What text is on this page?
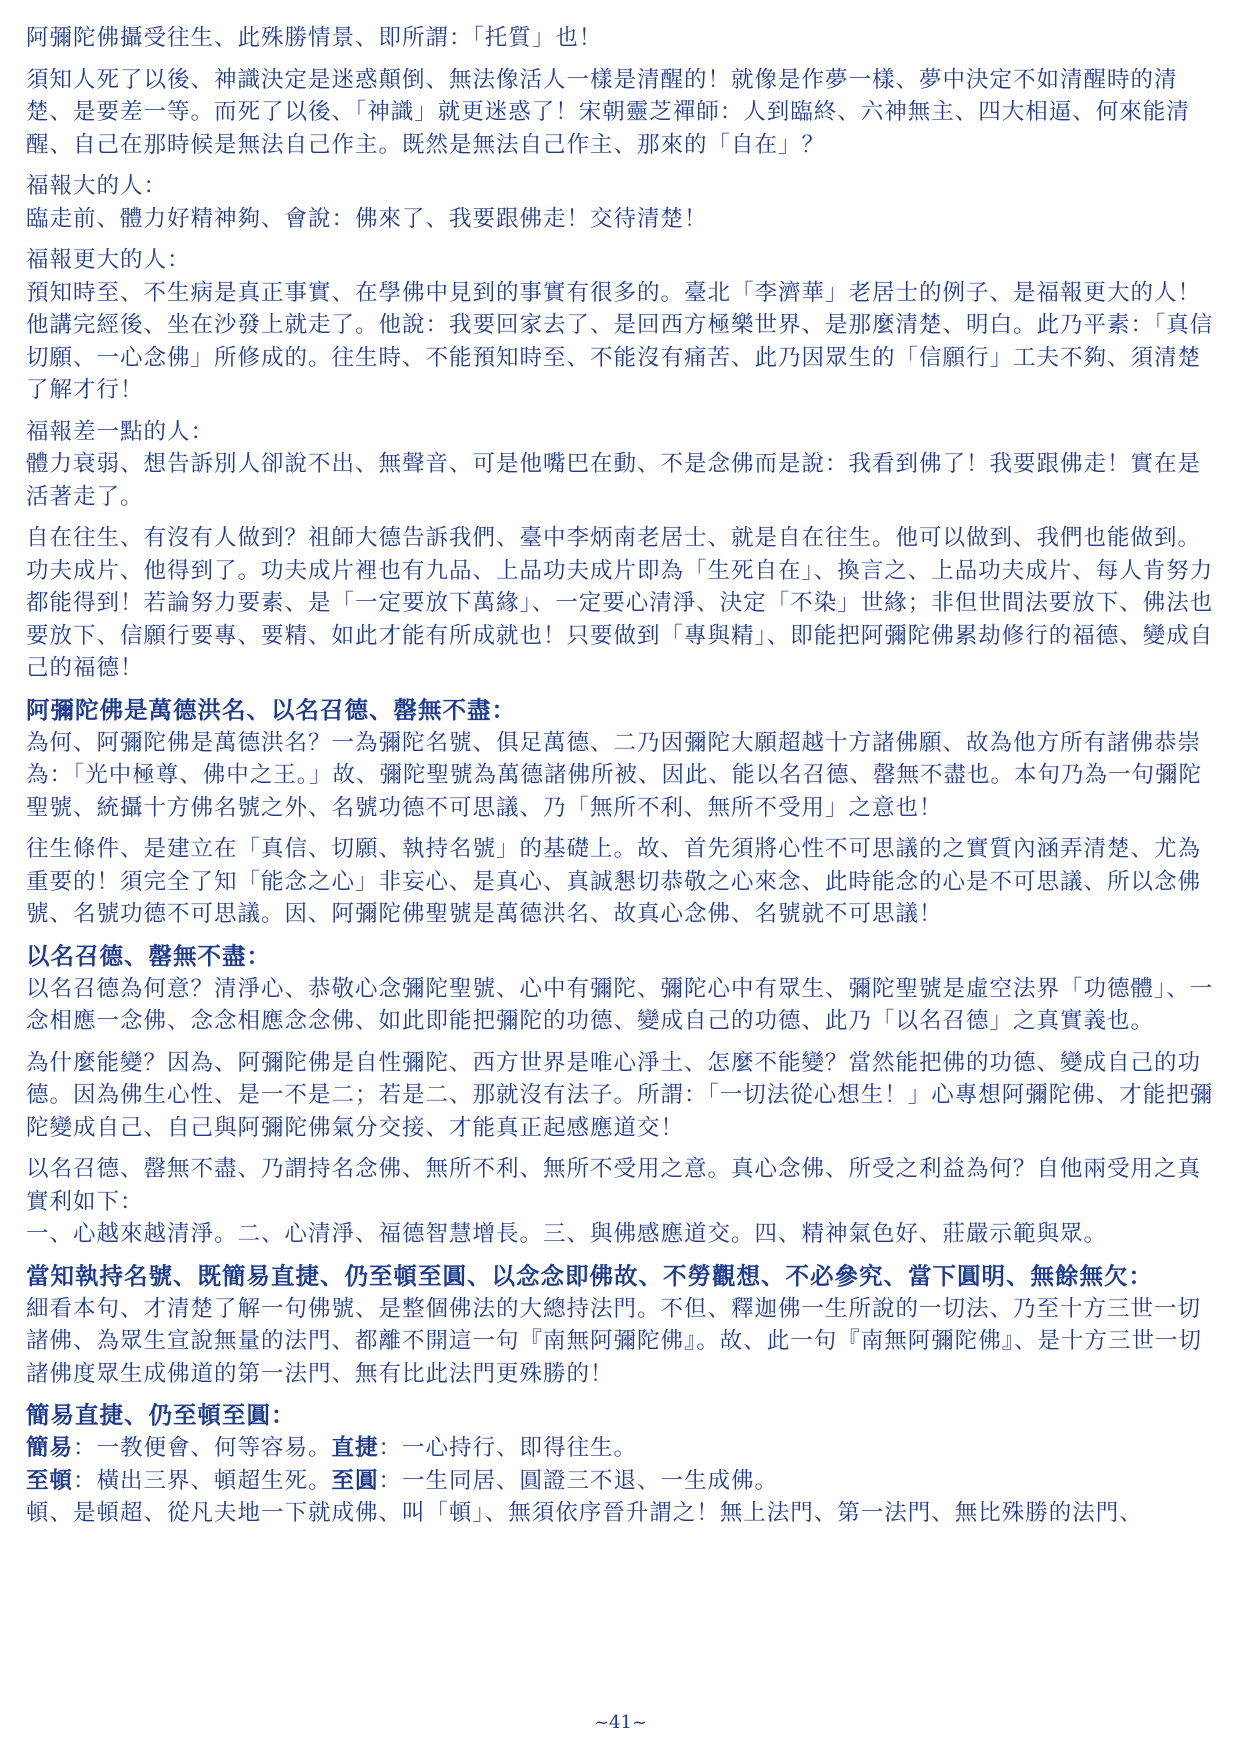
阿彌陀佛攝受往生、此殊勝情景、即所謂：「托質」也！

須知人死了以後、神識決定是迷惑顛倒、無法像活人一樣是清醒的！就像是作夢一樣、夢中決定不如清醒時的清楚、是要差一等。而死了以後、「神識」就更迷惑了！宋朝靈芝禪師：人到臨終、六神無主、四大相逼、何來能清醒、自己在那時候是無法自己作主。既然是無法自己作主、那來的「自在」？

福報大的人：

臨走前、體力好精神夠、會說：佛來了、我要跟佛走！交待清楚！

福報更大的人：

預知時至、不生病是真正事實、在學佛中見到的事實有很多的。臺北「李濟華」老居士的例子、是福報更大的人！他講完經後、坐在沙發上就走了。他說：我要回家去了、是回西方極樂世界、是那麼清楚、明白。此乃平素：「真信切願、一心念佛」所修成的。往生時、不能預知時至、不能沒有痛苦、此乃因眾生的「信願行」工夫不夠、須清楚了解才行！

福報差一點的人：

體力衰弱、想告訴別人卻說不出、無聲音、可是他嘴巴在動、不是念佛而是說：我看到佛了！我要跟佛走！實在是活著走了。

自在往生、有沒有人做到？祖師大德告訴我們、臺中李炳南老居士、就是自在往生。他可以做到、我們也能做到。功夫成片、他得到了。功夫成片裡也有九品、上品功夫成片即為「生死自在」、換言之、上品功夫成片、每人肯努力都能得到！若論努力要素、是「一定要放下萬緣」、一定要心清淨、決定「不染」世緣；非但世間法要放下、佛法也要放下、信願行要專、要精、如此才能有所成就也！只要做到「專與精」、即能把阿彌陀佛累劫修行的福德、變成自己的福德！

阿彌陀佛是萬德洪名、以名召德、罄無不盡：

為何、阿彌陀佛是萬德洪名？一為彌陀名號、俱足萬德、二乃因彌陀大願超越十方諸佛願、故為他方所有諸佛恭崇為：「光中極尊、佛中之王。」故、彌陀聖號為萬德諸佛所被、因此、能以名召德、罄無不盡也。本句乃為一句彌陀聖號、統攝十方佛名號之外、名號功德不可思議、乃「無所不利、無所不受用」之意也！

往生條件、是建立在「真信、切願、執持名號」的基礎上。故、首先須將心性不可思議的之實質內涵弄清楚、尤為重要的！須完全了知「能念之心」非妄心、是真心、真誠懇切恭敬之心來念、此時能念的心是不可思議、所以念佛號、名號功德不可思議。因、阿彌陀佛聖號是萬德洪名、故真心念佛、名號就不可思議！

以名召德、罄無不盡：

以名召德為何意？清淨心、恭敬心念彌陀聖號、心中有彌陀、彌陀心中有眾生、彌陀聖號是虛空法界「功德體」、一念相應一念佛、念念相應念念佛、如此即能把彌陀的功德、變成自己的功德、此乃「以名召德」之真實義也。

為什麼能變？因為、阿彌陀佛是自性彌陀、西方世界是唯心淨土、怎麼不能變？當然能把佛的功德、變成自己的功德。因為佛生心性、是一不是二；若是二、那就沒有法子。所謂：「一切法從心想生！」心專想阿彌陀佛、才能把彌陀變成自己、自己與阿彌陀佛氣分交接、才能真正起感應道交！

以名召德、罄無不盡、乃謂持名念佛、無所不利、無所不受用之意。真心念佛、所受之利益為何？自他兩受用之真實利如下：

一、心越來越清淨。二、心清淨、福德智慧增長。三、與佛感應道交。四、精神氣色好、莊嚴示範與眾。

當知執持名號、既簡易直捷、仍至頓至圓、以念念即佛故、不勞觀想、不必參究、當下圓明、無餘無欠：

細看本句、才清楚了解一句佛號、是整個佛法的大總持法門。不但、釋迦佛一生所說的一切法、乃至十方三世一切諸佛、為眾生宣說無量的法門、都離不開這一句『南無阿彌陀佛』。故、此一句『南無阿彌陀佛』、是十方三世一切諸佛度眾生成佛道的第一法門、無有比此法門更殊勝的！

簡易直捷、仍至頓至圓：

簡易：一教便會、何等容易。直捷：一心持行、即得往生。

至頓：橫出三界、頓超生死。至圓：一生同居、圓證三不退、一生成佛。

頓、是頓超、從凡夫地一下就成佛、叫「頓」、無須依序晉升謂之！無上法門、第一法門、無比殊勝的法門、

~41~
